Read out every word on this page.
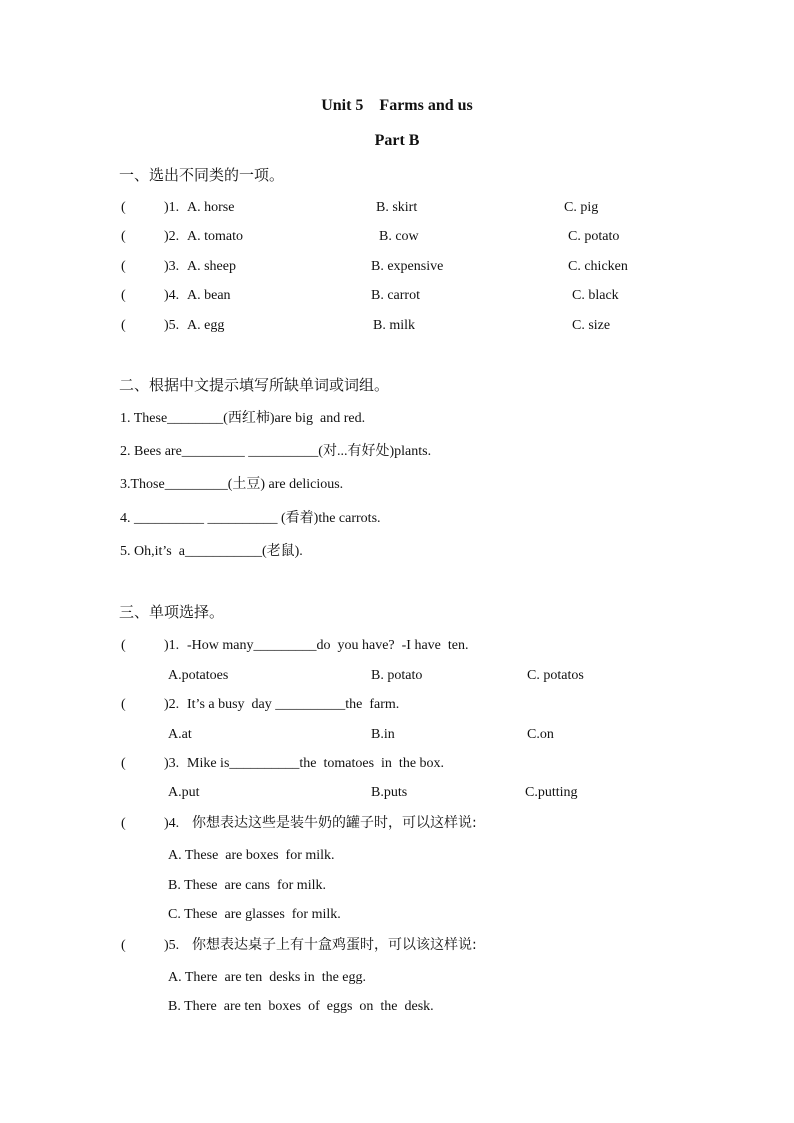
Unit 5    Farms and us
Part B
一、选出不同类的一项。
(	)1. A. horse	B. skirt	C. pig
(	)2. A. tomato	B. cow	C. potato
(	)3. A. sheep	B. expensive	C. chicken
(	)4. A. bean	B. carrot	C. black
(	)5. A. egg	B. milk	C. size
二、根据中文提示填写所缺单词或词组。
1. These________(西红柿)are big  and red.
2. Bees are_________ __________(对...有好处)plants.
3.Those_________(土豆) are delicious.
4. __________ __________ (看着)the carrots.
5. Oh,it’s  a___________(老鼠).
三、单项选择。
(	)1. -How many_________do  you have?  -I have  ten.
A.potatoes	B. potato	C. potatos
(	)2. It’s a busy  day __________the  farm.
A.at	B.in	C.on
(	)3. Mike is__________the  tomatoes  in  the box.
A.put	B.puts	C.putting
(	)4. 你想表达这些是装牛奶的罐子时，可以这样说:
A. These  are boxes  for milk.
B. These  are cans  for milk.
C. These  are glasses  for milk.
(	)5. 你想表达桌子上有十盒鸡蛋时，可以该这样说:
A. There  are ten  desks in  the egg.
B. There  are ten  boxes  of  eggs  on  the  desk.
